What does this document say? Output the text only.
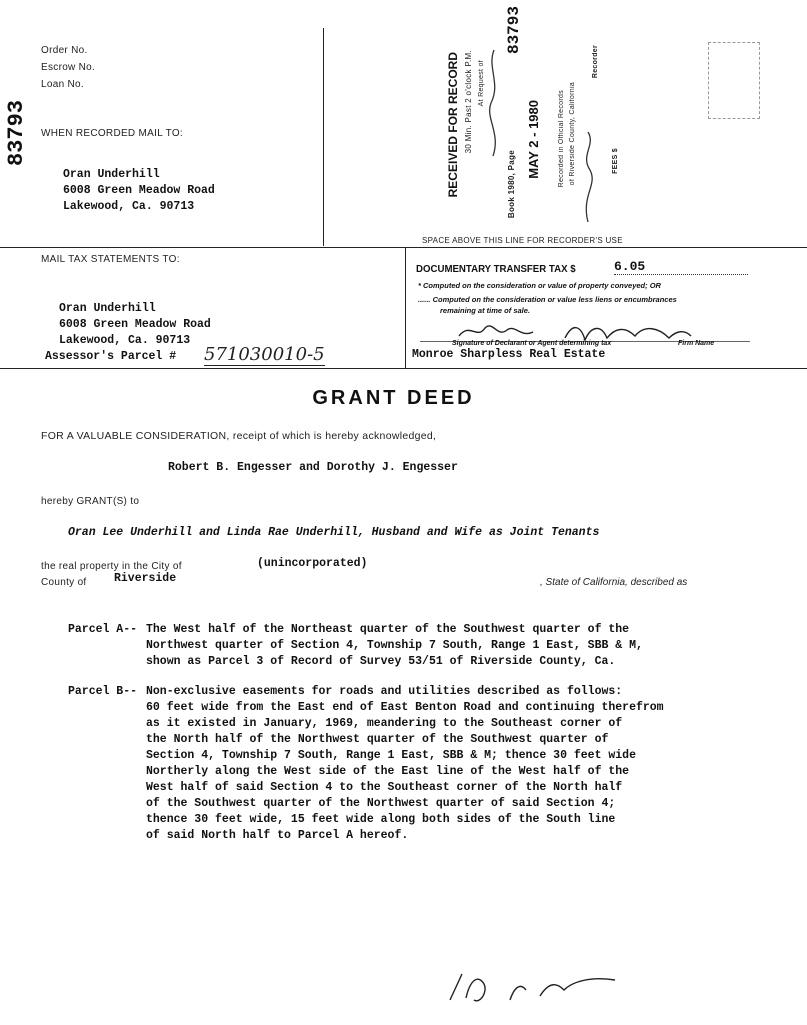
83793
Order No.
Escrow No.
Loan No.
WHEN RECORDED MAIL TO:
Oran Underhill
6008 Green Meadow Road
Lakewood, Ca. 90713
RECEIVED FOR RECORD 30 Min. Past 2 o'clock P.M. At Request of
Book 1980, Page
MAY 2 - 1980 Recorded in Official Records of Riverside County, California
Recorder
FEES $
83793
SPACE ABOVE THIS LINE FOR RECORDER'S USE
MAIL TAX STATEMENTS TO:
Oran Underhill
6008 Green Meadow Road
Lakewood, Ca. 90713
Assessor's Parcel # 571030010-5
DOCUMENTARY TRANSFER TAX $	6.05
* Computed on the consideration or value of property conveyed; OR
...... Computed on the consideration or value less liens or encumbrances
remaining at time of sale.
Signature of Declarant or Agent determining tax	Firm Name
Monroe Sharpless Real Estate
GRANT DEED
FOR A VALUABLE CONSIDERATION, receipt of which is hereby acknowledged,
Robert B. Engesser and Dorothy J. Engesser
hereby GRANT(S) to
Oran Lee Underhill and Linda Rae Underhill, Husband and Wife as Joint Tenants
the real property in the City of	(unincorporated)
County of Riverside	, State of California, described as
Parcel A-- The West half of the Northeast quarter of the Southwest quarter of the
Northwest quarter of Section 4, Township 7 South, Range 1 East, SBB & M,
shown as Parcel 3 of Record of Survey 53/51 of Riverside County, Ca.
Parcel B-- Non-exclusive easements for roads and utilities described as follows:
60 feet wide from the East end of East Benton Road and continuing therefrom
as it existed in January, 1969, meandering to the Southeast corner of
the North half of the Northwest quarter of the Southwest quarter of
Section 4, Township 7 South, Range 1 East, SBB & M; thence 30 feet wide
Northerly along the West side of the East line of the West half of the
West half of said Section 4 to the Southeast corner of the North half
of the Southwest quarter of the Northwest quarter of said Section 4;
thence 30 feet wide, 15 feet wide along both sides of the South line
of said North half to Parcel A hereof.
